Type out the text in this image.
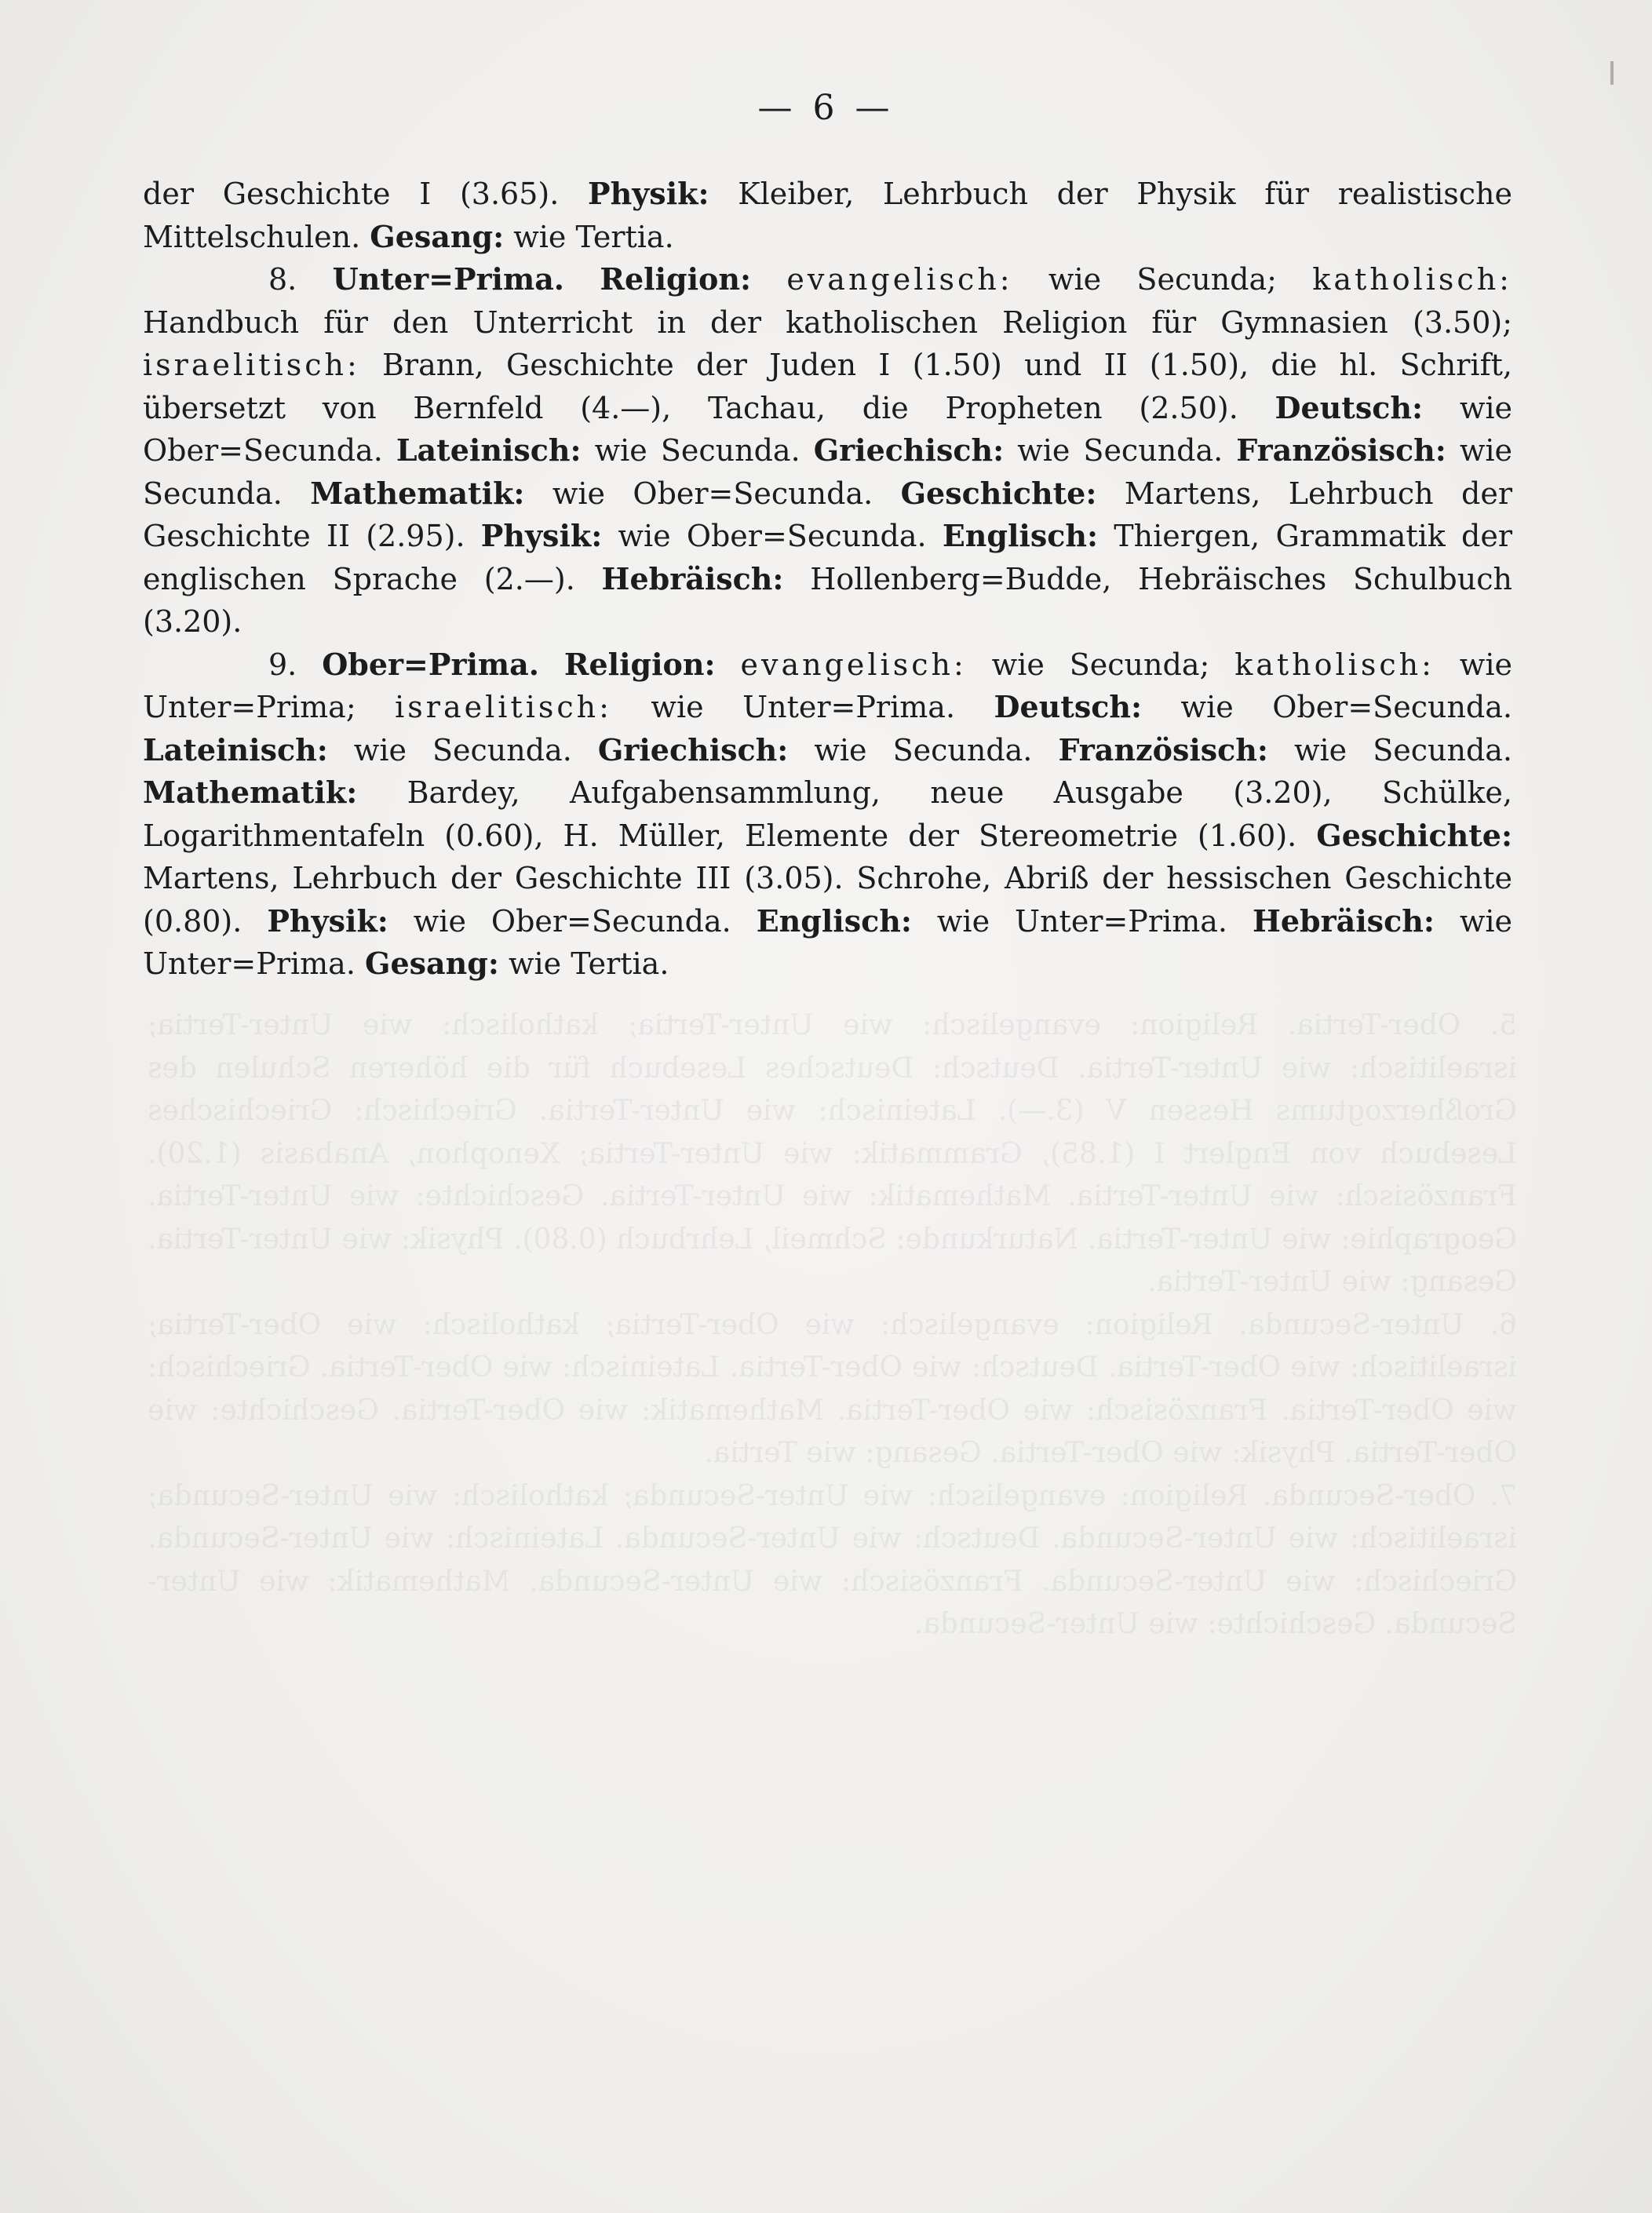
5. Ober-Tertia. Religion: evangelisch: wie Unter-Tertia; katholisch: wie Unter-Tertia; israelitisch: wie Unter-Tertia. Deutsch: Deutsches Lesebuch für die höheren Schulen des Großherzogtums Hessen V (3.—). Lateinisch: wie Unter-Tertia. Griechisch: Griechisches Lesebuch von Englert I (1.85), Grammatik: wie Unter-Tertia; Xenophon, Anabasis (1.20). Französisch: wie Unter-Tertia. Mathematik: wie Unter-Tertia. Geschichte: wie Unter-Tertia. Geographie: wie Unter-Tertia. Naturkunde: Schmeil, Lehrbuch (0.80). Physik: wie Unter-Tertia. Gesang: wie Unter-Tertia.

6. Unter-Secunda. Religion: evangelisch: wie Ober-Tertia; katholisch: wie Ober-Tertia; israelitisch: wie Ober-Tertia. Deutsch: wie Ober-Tertia. Lateinisch: wie Ober-Tertia. Griechisch: wie Ober-Tertia. Französisch: wie Ober-Tertia. Mathematik: wie Ober-Tertia. Geschichte: wie Ober-Tertia. Physik: wie Ober-Tertia. Gesang: wie Tertia.

7. Ober-Secunda. Religion: evangelisch: wie Unter-Secunda; katholisch: wie Unter-Secunda; israelitisch: wie Unter-Secunda. Deutsch: wie Unter-Secunda. Lateinisch: wie Unter-Secunda. Griechisch: wie Unter-Secunda. Französisch: wie Unter-Secunda. Mathematik: wie Unter-Secunda. Geschichte: wie Unter-Secunda.

— 6 —

der Geschichte I (3.65). Physik: Kleiber, Lehrbuch der Physik für realistische Mittelschulen. Gesang: wie Tertia.

8. Unter=Prima. Religion: evangelisch: wie Secunda; katholisch: Handbuch für den Unterricht in der katholischen Religion für Gymnasien (3.50); israelitisch: Brann, Geschichte der Juden I (1.50) und II (1.50), die hl. Schrift, übersetzt von Bernfeld (4.—), Tachau, die Propheten (2.50). Deutsch: wie Ober=Secunda. Lateinisch: wie Secunda. Griechisch: wie Secunda. Französisch: wie Secunda. Mathematik: wie Ober=Secunda. Geschichte: Martens, Lehrbuch der Geschichte II (2.95). Physik: wie Ober=Secunda. Englisch: Thiergen, Grammatik der englischen Sprache (2.—). Hebräisch: Hollenberg=Budde, Hebräisches Schulbuch (3.20).

9. Ober=Prima. Religion: evangelisch: wie Secunda; katholisch: wie Unter=Prima; israelitisch: wie Unter=Prima. Deutsch: wie Ober=Secunda. Lateinisch: wie Secunda. Griechisch: wie Secunda. Französisch: wie Secunda. Mathematik: Bardey, Aufgabensammlung, neue Ausgabe (3.20), Schülke, Logarithmentafeln (0.60), H. Müller, Elemente der Stereometrie (1.60). Geschichte: Martens, Lehrbuch der Geschichte III (3.05). Schrohe, Abriß der hessischen Geschichte (0.80). Physik: wie Ober=Secunda. Englisch: wie Unter=Prima. Hebräisch: wie Unter=Prima. Gesang: wie Tertia.
